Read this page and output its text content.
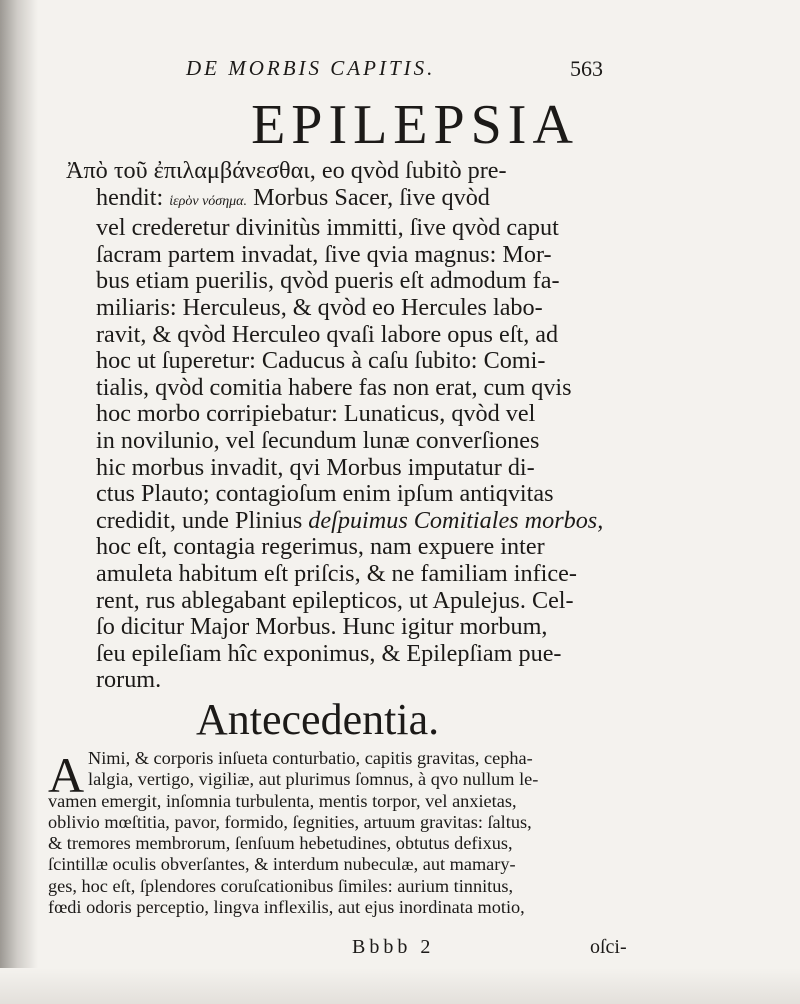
DE MORBIS CAPITIS.	563
EPILEPSIA
Ἀπὸ τοῦ ἐπιλαμβάνεσθαι, eo qvòd ſubitò pre-
hendit: ἱερὸν νόσημα. Morbus Sacer, ſive qvòd
vel crederetur divinitùs immitti, ſive qvòd caput
ſacram partem invadat, ſive qvia magnus: Mor-
bus etiam puerilis, qvòd pueris eſt admodum fa-
miliaris: Herculeus, & qvòd eo Hercules labo-
ravit, & qvòd Herculeo qvaſi labore opus eſt, ad
hoc ut ſuperetur: Caducus à caſu ſubito: Comi-
tialis, qvòd comitia habere fas non erat, cum qvis
hoc morbo corripiebatur: Lunaticus, qvòd vel
in novilunio, vel ſecundum lunæ converſiones
hic morbus invadit, qvi Morbus imputatur di-
ctus Plauto; contagioſum enim ipſum antiqvitas
credidit, unde Plinius deſpuimus Comitiales morbos,
hoc eſt, contagia regerimus, nam expuere inter
amuleta habitum eſt priſcis, & ne familiam infice-
rent, rus ablegabant epilepticos, ut Apulejus. Cel-
ſo dicitur Major Morbus. Hunc igitur morbum,
ſeu epileſiam hîc exponimus, & Epilepſiam pue-
rorum.
Antecedentia.
A Nimi, & corporis inſueta conturbatio, capitis gravitas, cepha-
lalgia, vertigo, vigiliæ, aut plurimus ſomnus, à qvo nullum le-
vamen emergit, inſomnia turbulenta, mentis torpor, vel anxietas,
oblivio mœſtitia, pavor, formido, ſegnities, artuum gravitas: ſaltus,
& tremores membrorum, ſenſuum hebetudines, obtutus defixus,
ſcintillæ oculis obverſantes, & interdum nubeculæ, aut mamary-
ges, hoc eſt, ſplendores coruſcationibus ſimiles: aurium tinnitus,
fœdi odoris perceptio, lingva inflexilis, aut ejus inordinata motio,
Bbbb 2	oſci-
